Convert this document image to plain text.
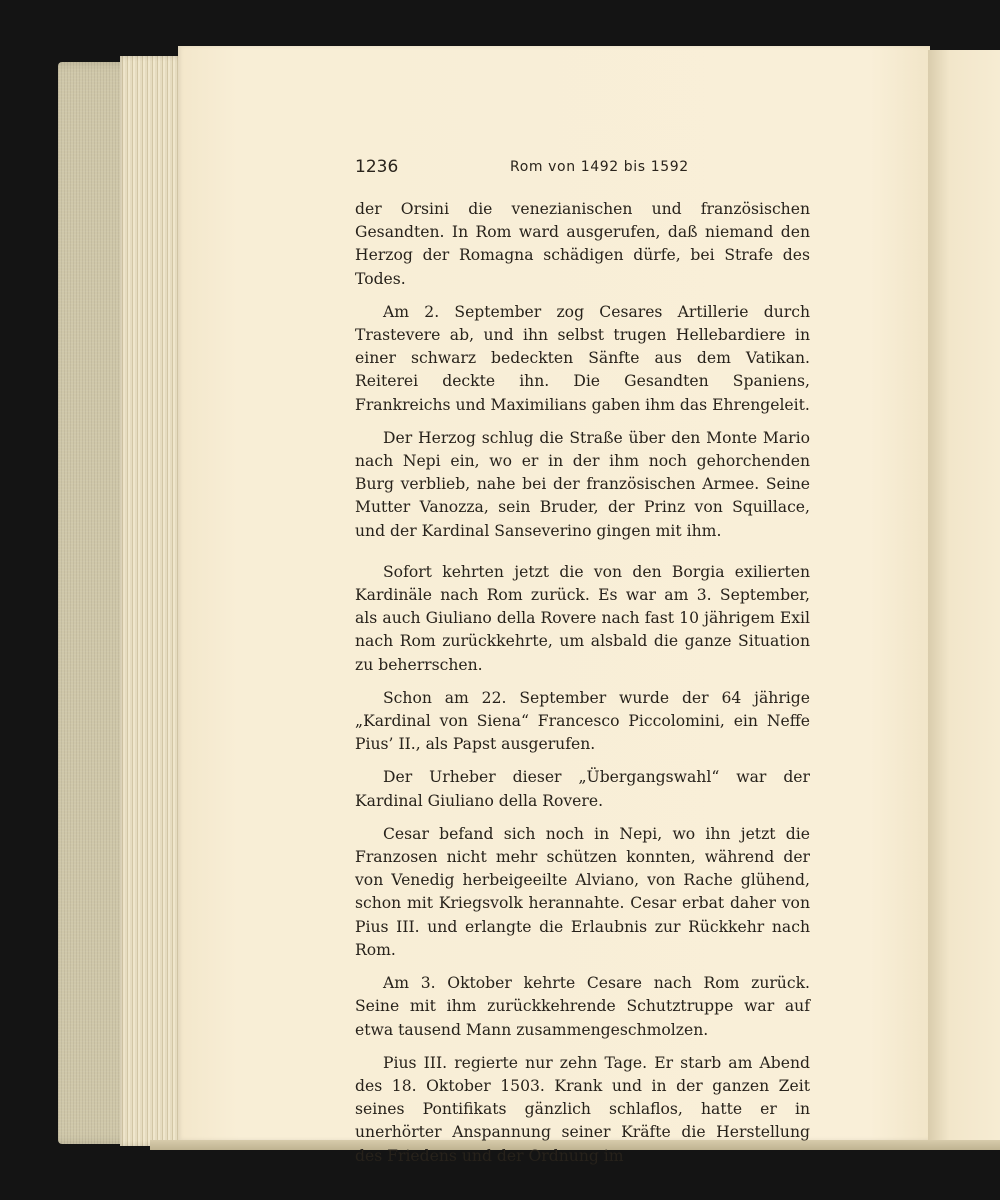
1236	Rom von 1492 bis 1592

der Orsini die venezianischen und französischen Gesandten. In Rom ward ausgerufen, daß niemand den Herzog der Romagna schädigen dürfe, bei Strafe des Todes.

Am 2. September zog Cesares Artillerie durch Trastevere ab, und ihn selbst trugen Hellebardiere in einer schwarz bedeckten Sänfte aus dem Vatikan. Reiterei deckte ihn. Die Gesandten Spaniens, Frankreichs und Maximilians gaben ihm das Ehrengeleit.

Der Herzog schlug die Straße über den Monte Mario nach Nepi ein, wo er in der ihm noch gehorchenden Burg verblieb, nahe bei der französischen Armee. Seine Mutter Vanozza, sein Bruder, der Prinz von Squillace, und der Kardinal Sanseverino gingen mit ihm.

Sofort kehrten jetzt die von den Borgia exilierten Kardinäle nach Rom zurück. Es war am 3. September, als auch Giuliano della Rovere nach fast 10 jährigem Exil nach Rom zurückkehrte, um alsbald die ganze Situation zu beherrschen.

Schon am 22. September wurde der 64 jährige „Kardinal von Siena“ Francesco Piccolomini, ein Neffe Pius’ II., als Papst ausgerufen.

Der Urheber dieser „Übergangswahl“ war der Kardinal Giuliano della Rovere.

Cesar befand sich noch in Nepi, wo ihn jetzt die Franzosen nicht mehr schützen konnten, während der von Venedig herbeigeeilte Alviano, von Rache glühend, schon mit Kriegsvolk herannahte. Cesar erbat daher von Pius III. und erlangte die Erlaubnis zur Rückkehr nach Rom.

Am 3. Oktober kehrte Cesare nach Rom zurück. Seine mit ihm zurückkehrende Schutztruppe war auf etwa tausend Mann zusammengeschmolzen.

Pius III. regierte nur zehn Tage. Er starb am Abend des 18. Oktober 1503. Krank und in der ganzen Zeit seines Pontifikats gänzlich schlaflos, hatte er in unerhörter Anspannung seiner Kräfte die Herstellung des Friedens und der Ordnung im
